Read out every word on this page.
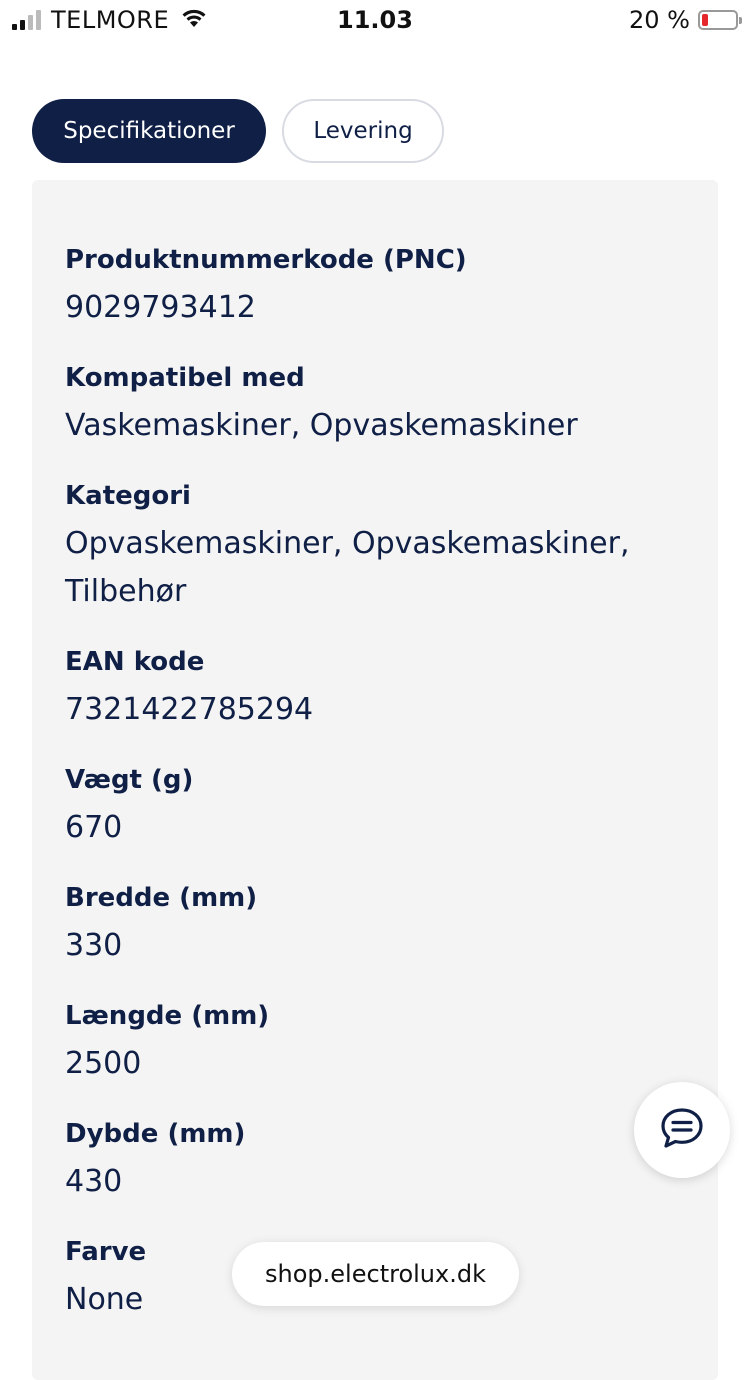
TELMORE	11.03	20 %
Specifikationer	Levering
Produktnummerkode (PNC)
9029793412
Kompatibel med
Vaskemaskiner, Opvaskemaskiner
Kategori
Opvaskemaskiner, Opvaskemaskiner, Tilbehør
EAN kode
7321422785294
Vægt (g)
670
Bredde (mm)
330
Længde (mm)
2500
Dybde (mm)
430
Farve
None
shop.electrolux.dk
